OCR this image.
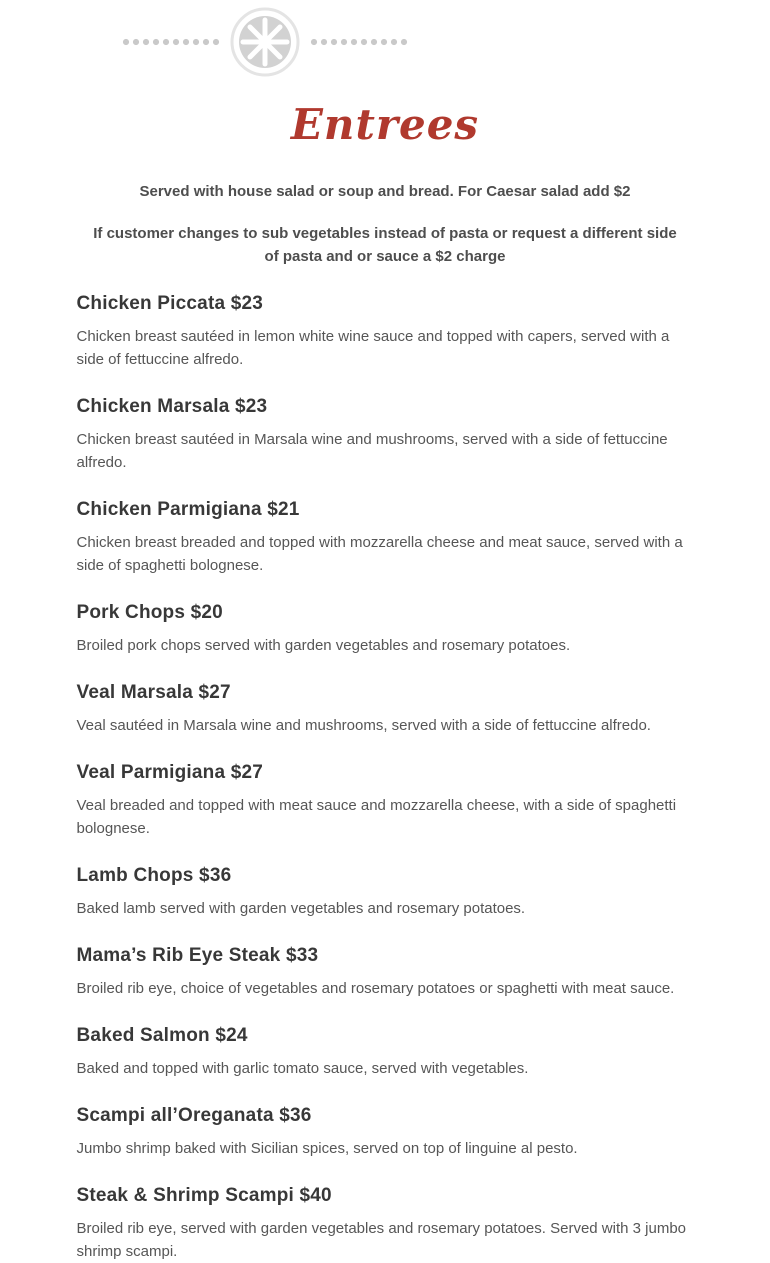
Entrees

Served with house salad or soup and bread. For Caesar salad add $2

If customer changes to sub vegetables instead of pasta or request a different side of pasta and or sauce a $2 charge

Chicken Piccata $23

Chicken breast sautéed in lemon white wine sauce and topped with capers, served with a side of fettuccine alfredo.

Chicken Marsala $23

Chicken breast sautéed in Marsala wine and mushrooms, served with a side of fettuccine alfredo.

Chicken Parmigiana $21

Chicken breast breaded and topped with mozzarella cheese and meat sauce, served with a side of spaghetti bolognese.

Pork Chops $20

Broiled pork chops served with garden vegetables and rosemary potatoes.

Veal Marsala $27

Veal sautéed in Marsala wine and mushrooms, served with a side of fettuccine alfredo.

Veal Parmigiana $27

Veal breaded and topped with meat sauce and mozzarella cheese, with a side of spaghetti bolognese.

Lamb Chops $36

Baked lamb served with garden vegetables and rosemary potatoes.

Mama’s Rib Eye Steak $33

Broiled rib eye, choice of vegetables and rosemary potatoes or spaghetti with meat sauce.

Baked Salmon $24

Baked and topped with garlic tomato sauce, served with vegetables.

Scampi all’Oreganata $36

Jumbo shrimp baked with Sicilian spices, served on top of linguine al pesto.

Steak & Shrimp Scampi $40

Broiled rib eye, served with garden vegetables and rosemary potatoes. Served with 3 jumbo shrimp scampi.
